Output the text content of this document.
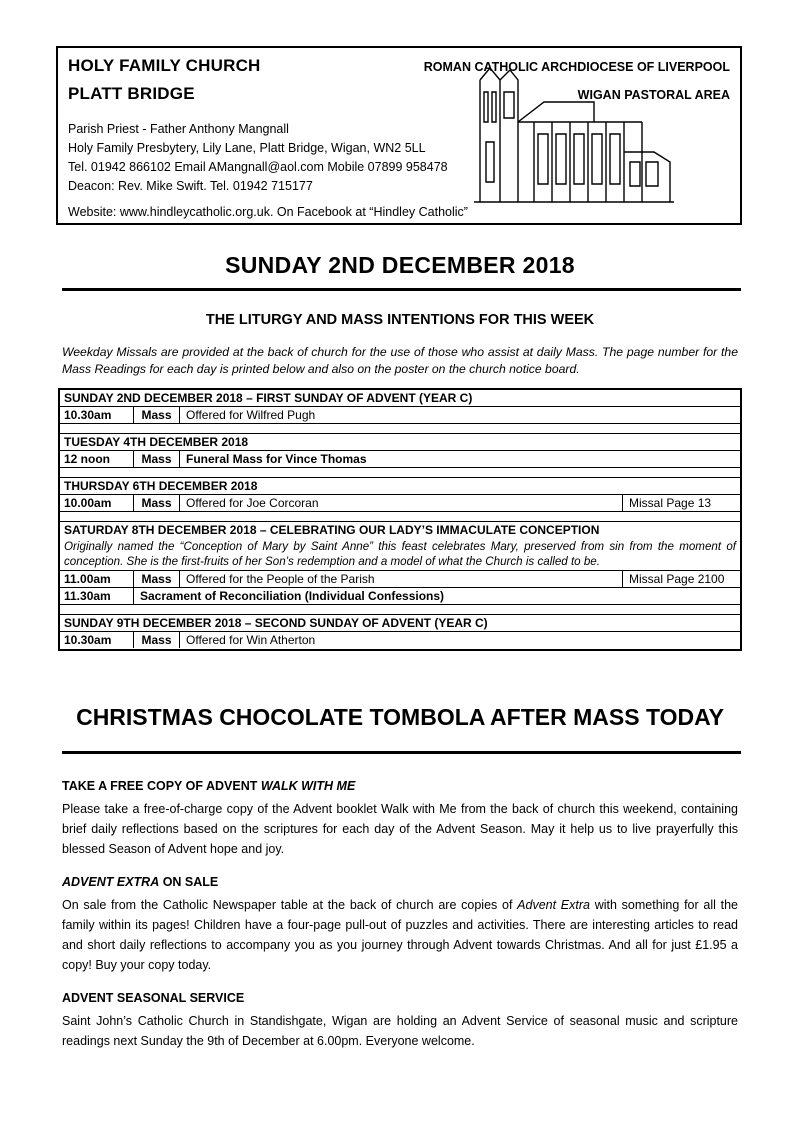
HOLY FAMILY CHURCH
PLATT BRIDGE
ROMAN CATHOLIC ARCHDIOCESE OF LIVERPOOL
WIGAN PASTORAL AREA
Parish Priest - Father Anthony Mangnall
Holy Family Presbytery, Lily Lane, Platt Bridge, Wigan, WN2 5LL
Tel. 01942 866102 Email AMangnall@aol.com Mobile 07899 958478
Deacon: Rev. Mike Swift. Tel. 01942 715177
Website: www.hindleycatholic.org.uk. On Facebook at “Hindley Catholic”
SUNDAY 2ND DECEMBER 2018
THE LITURGY AND MASS INTENTIONS FOR THIS WEEK
Weekday Missals are provided at the back of church for the use of those who assist at daily Mass. The page number for the Mass Readings for each day is printed below and also on the poster on the church notice board.
SUNDAY 2ND DECEMBER 2018 – FIRST SUNDAY OF ADVENT (YEAR C)
10.30am	Mass	Offered for Wilfred Pugh
TUESDAY 4TH DECEMBER 2018
12 noon	Mass	Funeral Mass for Vince Thomas
THURSDAY 6TH DECEMBER 2018
10.00am	Mass	Offered for Joe Corcoran	Missal Page 13
SATURDAY 8TH DECEMBER 2018 – CELEBRATING OUR LADY’S IMMACULATE CONCEPTION
Originally named the “Conception of Mary by Saint Anne” this feast celebrates Mary, preserved from sin from the moment of conception. She is the first-fruits of her Son’s redemption and a model of what the Church is called to be.
11.00am	Mass	Offered for the People of the Parish	Missal Page 2100
11.30am	Sacrament of Reconciliation (Individual Confessions)
SUNDAY 9TH DECEMBER 2018 – SECOND SUNDAY OF ADVENT (YEAR C)
10.30am	Mass	Offered for Win Atherton
CHRISTMAS CHOCOLATE TOMBOLA AFTER MASS TODAY
TAKE A FREE COPY OF ADVENT WALK WITH ME
Please take a free-of-charge copy of the Advent booklet Walk with Me from the back of church this weekend, containing brief daily reflections based on the scriptures for each day of the Advent Season. May it help us to live prayerfully this blessed Season of Advent hope and joy.
ADVENT EXTRA ON SALE
On sale from the Catholic Newspaper table at the back of church are copies of Advent Extra with something for all the family within its pages! Children have a four-page pull-out of puzzles and activities. There are interesting articles to read and short daily reflections to accompany you as you journey through Advent towards Christmas. And all for just £1.95 a copy! Buy your copy today.
ADVENT SEASONAL SERVICE
Saint John’s Catholic Church in Standishgate, Wigan are holding an Advent Service of seasonal music and scripture readings next Sunday the 9th of December at 6.00pm. Everyone welcome.
